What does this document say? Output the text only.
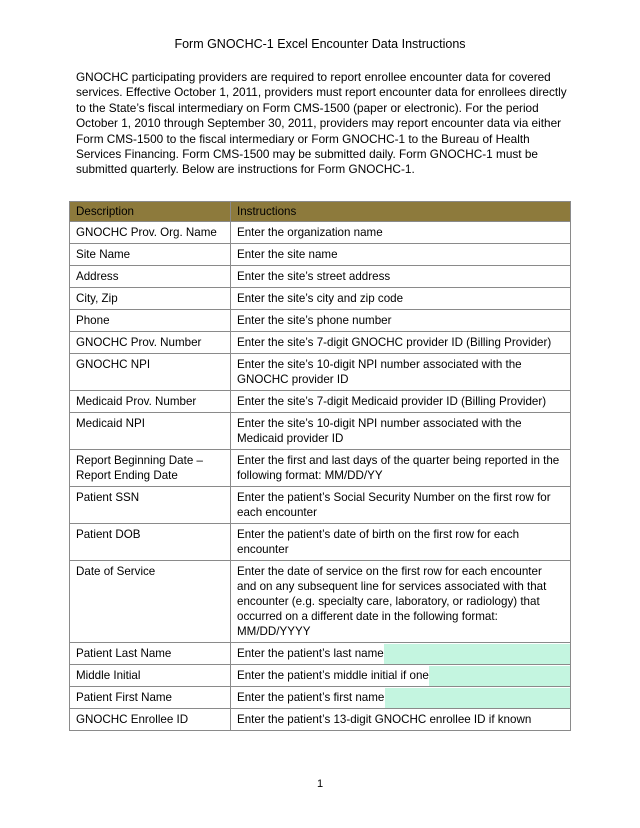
Form GNOCHC-1 Excel Encounter Data Instructions
GNOCHC participating providers are required to report enrollee encounter data for covered services. Effective October 1, 2011, providers must report encounter data for enrollees directly to the State’s fiscal intermediary on Form CMS-1500 (paper or electronic). For the period October 1, 2010 through September 30, 2011, providers may report encounter data via either Form CMS-1500 to the fiscal intermediary or Form GNOCHC-1 to the Bureau of Health Services Financing. Form CMS-1500 may be submitted daily. Form GNOCHC-1 must be submitted quarterly. Below are instructions for Form GNOCHC-1.
Description	Instructions
GNOCHC Prov. Org. Name	Enter the organization name
Site Name	Enter the site name
Address	Enter the site’s street address
City, Zip	Enter the site’s city and zip code
Phone	Enter the site’s phone number
GNOCHC Prov. Number	Enter the site’s 7-digit GNOCHC provider ID (Billing Provider)
GNOCHC NPI	Enter the site’s 10-digit NPI number associated with the GNOCHC provider ID
Medicaid Prov. Number	Enter the site’s 7-digit Medicaid provider ID (Billing Provider)
Medicaid NPI	Enter the site’s 10-digit NPI number associated with the Medicaid provider ID
Report Beginning Date – Report Ending Date	Enter the first and last days of the quarter being reported in the following format: MM/DD/YY
Patient SSN	Enter the patient’s Social Security Number on the first row for each encounter
Patient DOB	Enter the patient’s date of birth on the first row for each encounter
Date of Service	Enter the date of service on the first row for each encounter and on any subsequent line for services associated with that encounter (e.g. specialty care, laboratory, or radiology) that occurred on a different date in the following format: MM/DD/YYYY
Patient Last Name	Enter the patient’s last name

Middle Initial	Enter the patient’s middle initial if one

Patient First Name	Enter the patient’s first name

GNOCHC Enrollee ID	Enter the patient’s 13-digit GNOCHC enrollee ID if known
1
